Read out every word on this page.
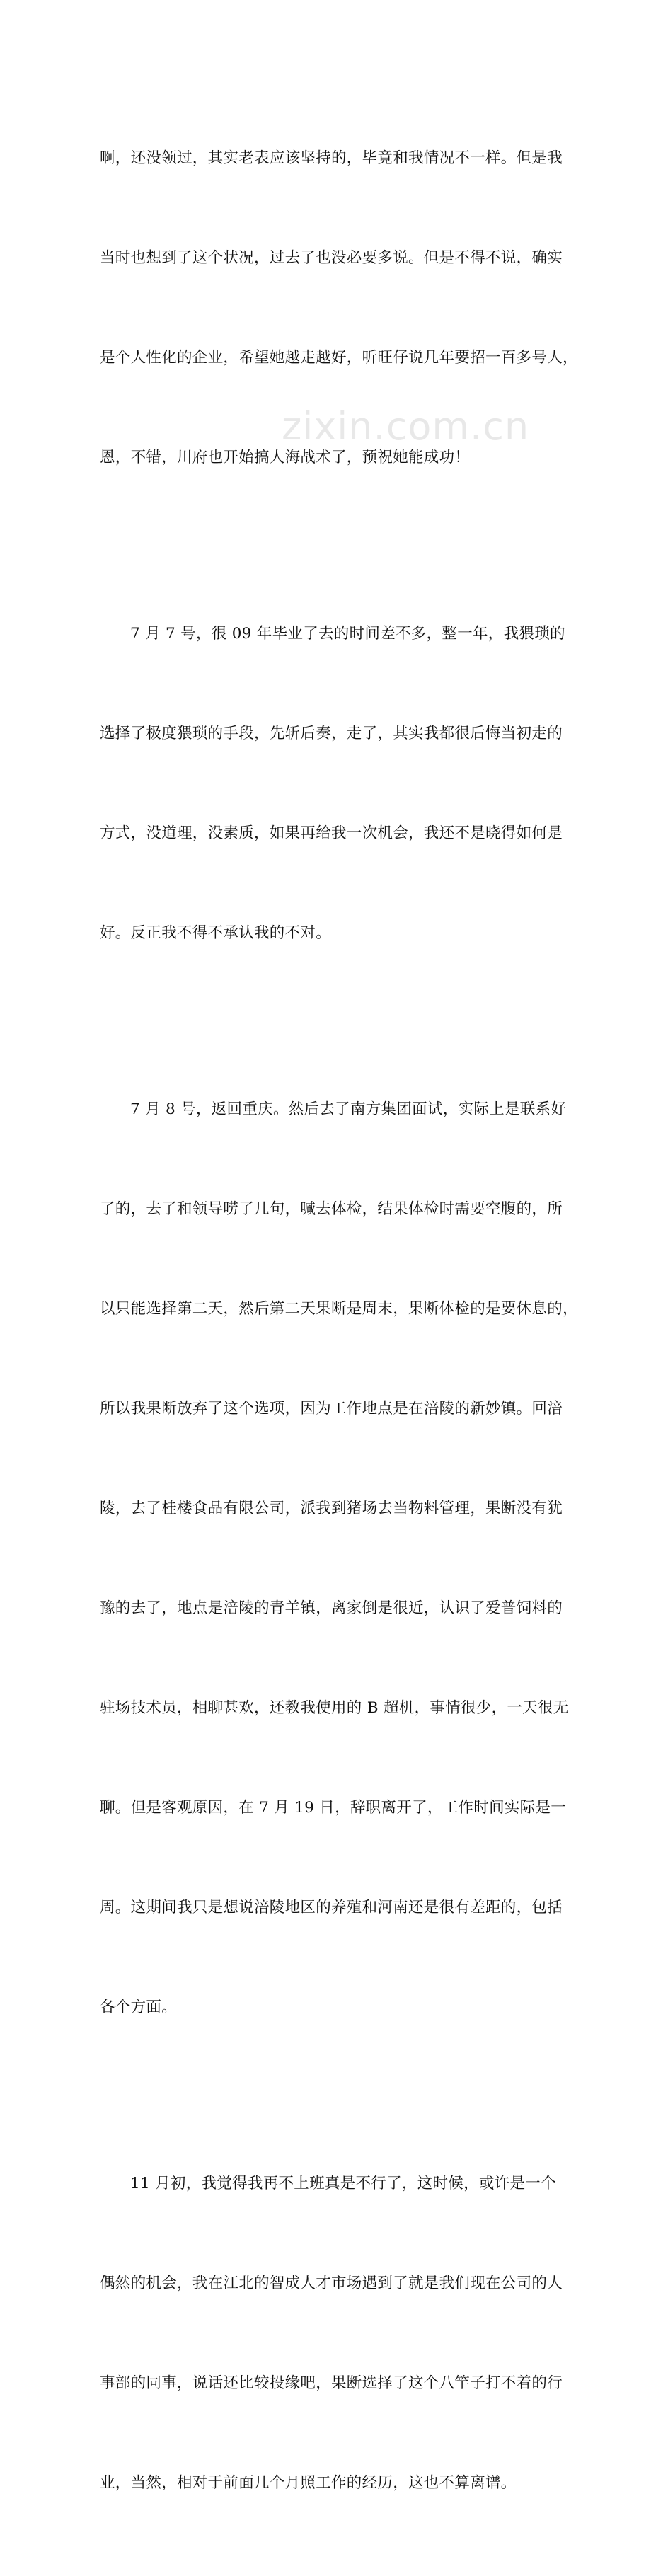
啊，还没领过，其实老表应该坚持的，毕竟和我情况不一样。但是我

当时也想到了这个状况，过去了也没必要多说。但是不得不说，确实

是个人性化的企业，希望她越走越好，听旺仔说几年要招一百多号人，

恩，不错，川府也开始搞人海战术了，预祝她能成功！

7 月 7 号，很 09 年毕业了去的时间差不多，整一年，我猥琐的

选择了极度猥琐的手段，先斩后奏，走了，其实我都很后悔当初走的

方式，没道理，没素质，如果再给我一次机会，我还不是晓得如何是

好。反正我不得不承认我的不对。

7 月 8 号，返回重庆。然后去了南方集团面试，实际上是联系好

了的，去了和领导唠了几句，喊去体检，结果体检时需要空腹的，所

以只能选择第二天，然后第二天果断是周末，果断体检的是要休息的，

所以我果断放弃了这个选项，因为工作地点是在涪陵的新妙镇。回涪

陵，去了桂楼食品有限公司，派我到猪场去当物料管理，果断没有犹

豫的去了，地点是涪陵的青羊镇，离家倒是很近，认识了爱普饲料的

驻场技术员，相聊甚欢，还教我使用的 B 超机，事情很少，一天很无

聊。但是客观原因，在 7 月 19 日，辞职离开了，工作时间实际是一

周。这期间我只是想说涪陵地区的养殖和河南还是很有差距的，包括

各个方面。

11 月初，我觉得我再不上班真是不行了，这时候，或许是一个

偶然的机会，我在江北的智成人才市场遇到了就是我们现在公司的人

事部的同事，说话还比较投缘吧，果断选择了这个八竿子打不着的行

业，当然，相对于前面几个月照工作的经历，这也不算离谱。

zixin.com.cn
